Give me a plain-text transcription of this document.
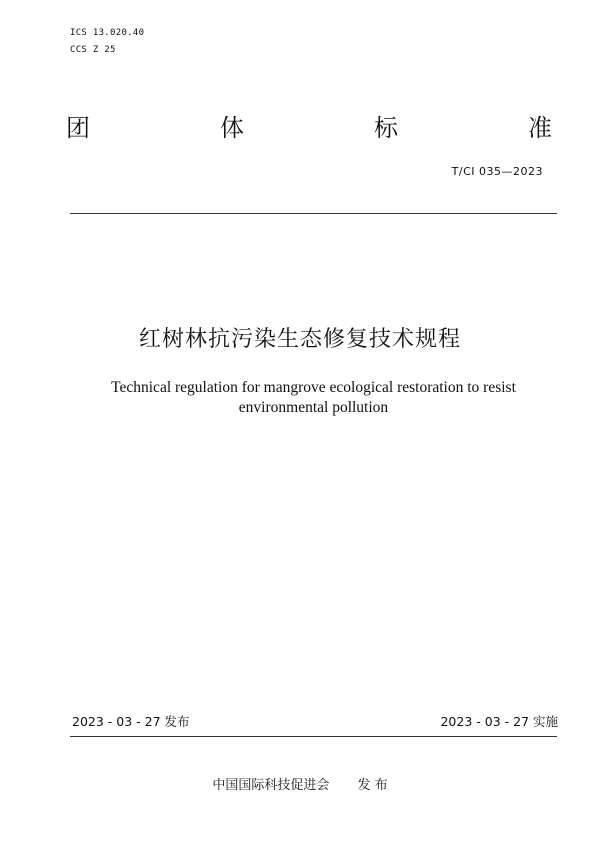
ICS 13.020.40
CCS Z 25
团	体	标	准
T/CI 035—2023
红树林抗污染生态修复技术规程
Technical regulation for mangrove ecological restoration to resist environmental pollution
2023 - 03 - 27 发布	2023 - 03 - 27 实施
中国国际科技促进会 发 布
